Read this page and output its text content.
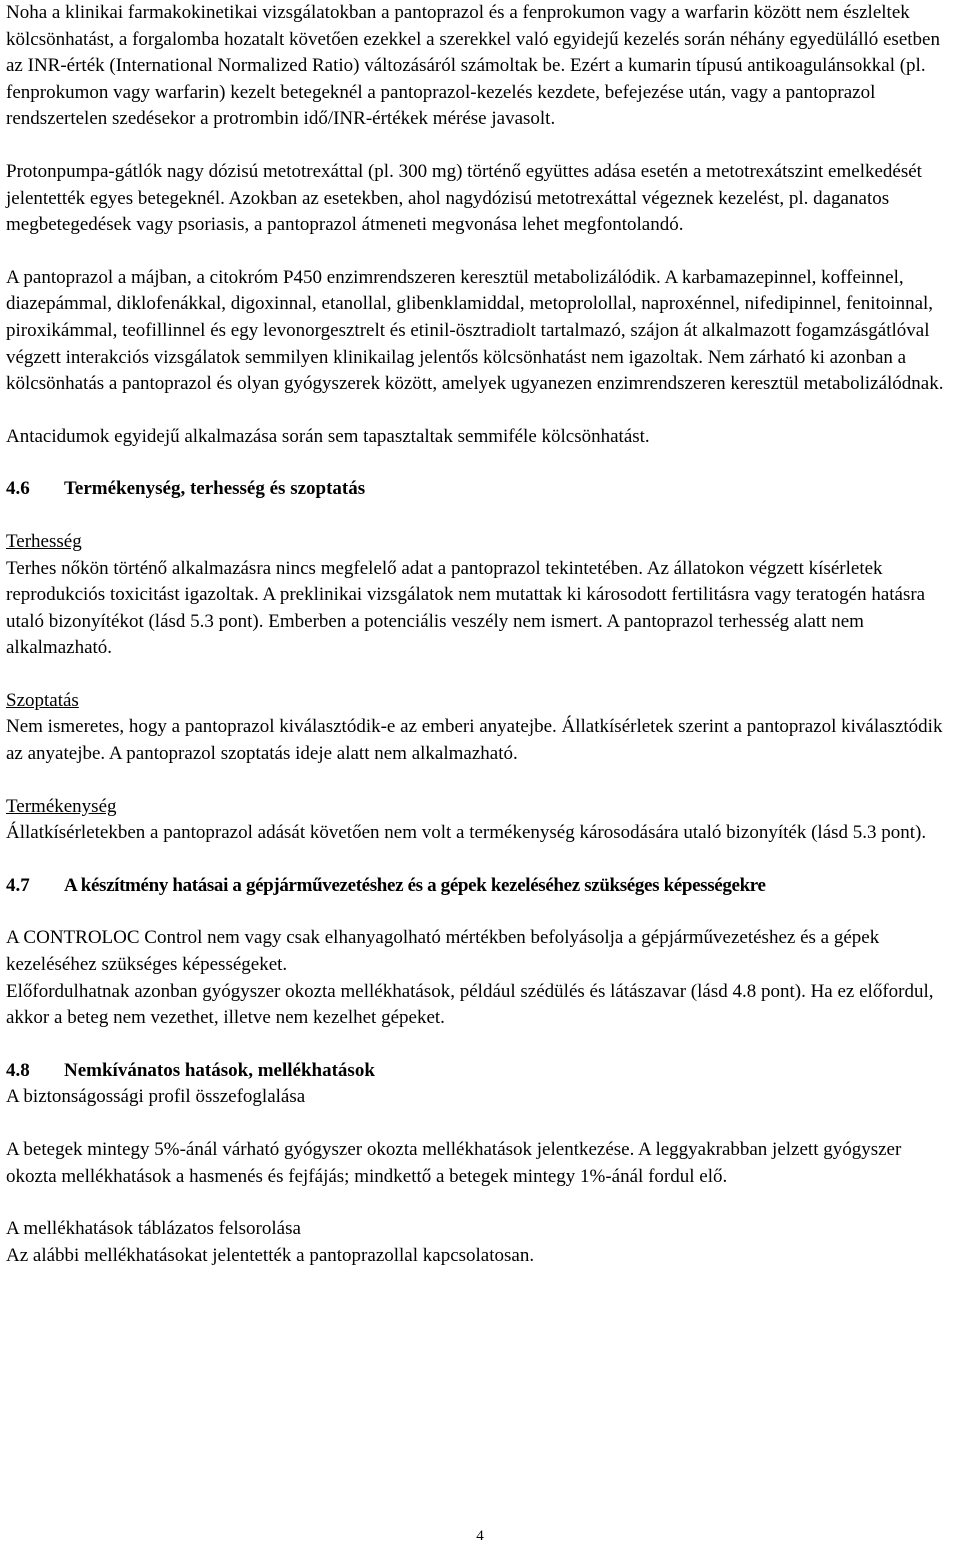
Noha a klinikai farmakokinetikai vizsgálatokban a pantoprazol és a fenprokumon vagy a warfarin között nem észleltek kölcsönhatást, a forgalomba hozatalt követően ezekkel a szerekkel való egyidejű kezelés során néhány egyedülálló esetben az INR-érték (International Normalized Ratio) változásáról számoltak be. Ezért a kumarin típusú antikoagulánsokkal (pl. fenprokumon vagy warfarin) kezelt betegeknél a pantoprazol-kezelés kezdete, befejezése után, vagy a pantoprazol rendszertelen szedésekor a protrombin idő/INR-értékek mérése javasolt.

Protonpumpa-gátlók nagy dózisú metotrexáttal (pl. 300 mg) történő együttes adása esetén a metotrexátszint emelkedését jelentették egyes betegeknél. Azokban az esetekben, ahol nagydózisú metotrexáttal végeznek kezelést, pl. daganatos megbetegedések vagy psoriasis, a pantoprazol átmeneti megvonása lehet megfontolandó.

A pantoprazol a májban, a citokróm P450 enzimrendszeren keresztül metabolizálódik. A karbamazepinnel, koffeinnel, diazepámmal, diklofenákkal, digoxinnal, etanollal, glibenklamiddal, metoprolollal, naproxénnel, nifedipinnel, fenitoinnal, piroxikámmal, teofillinnel és egy levonorgesztrelt és etinil-ösztradiolt tartalmazó, szájon át alkalmazott fogamzásgátlóval végzett interakciós vizsgálatok semmilyen klinikailag jelentős kölcsönhatást nem igazoltak. Nem zárható ki azonban a kölcsönhatás a pantoprazol és olyan gyógyszerek között, amelyek ugyanezen enzimrendszeren keresztül metabolizálódnak.

Antacidumok egyidejű alkalmazása során sem tapasztaltak semmiféle kölcsönhatást.

4.6	Termékenység, terhesség és szoptatás

Terhesség

Terhes nőkön történő alkalmazásra nincs megfelelő adat a pantoprazol tekintetében. Az állatokon végzett kísérletek reprodukciós toxicitást igazoltak. A preklinikai vizsgálatok nem mutattak ki károsodott fertilitásra vagy teratogén hatásra utaló bizonyítékot (lásd 5.3 pont). Emberben a potenciális veszély nem ismert. A pantoprazol terhesség alatt nem alkalmazható.

Szoptatás

Nem ismeretes, hogy a pantoprazol kiválasztódik-e az emberi anyatejbe. Állatkísérletek szerint a pantoprazol kiválasztódik az anyatejbe. A pantoprazol szoptatás ideje alatt nem alkalmazható.

Termékenység

Állatkísérletekben a pantoprazol adását követően nem volt a termékenység károsodására utaló bizonyíték (lásd 5.3 pont).

4.7	A készítmény hatásai a gépjárművezetéshez és a gépek kezeléséhez szükséges képességekre

A CONTROLOC Control nem vagy csak elhanyagolható mértékben befolyásolja a gépjárművezetéshez és a gépek kezeléséhez szükséges képességeket.

Előfordulhatnak azonban gyógyszer okozta mellékhatások, például szédülés és látászavar (lásd 4.8 pont). Ha ez előfordul, akkor a beteg nem vezethet, illetve nem kezelhet gépeket.

4.8	Nemkívánatos hatások, mellékhatások

A biztonságossági profil összefoglalása

A betegek mintegy 5%-ánál várható gyógyszer okozta mellékhatások jelentkezése. A leggyakrabban jelzett gyógyszer okozta mellékhatások a hasmenés és fejfájás; mindkettő a betegek mintegy 1%-ánál fordul elő.

A mellékhatások táblázatos felsorolása

Az alábbi mellékhatásokat jelentették a pantoprazollal kapcsolatosan.

4
